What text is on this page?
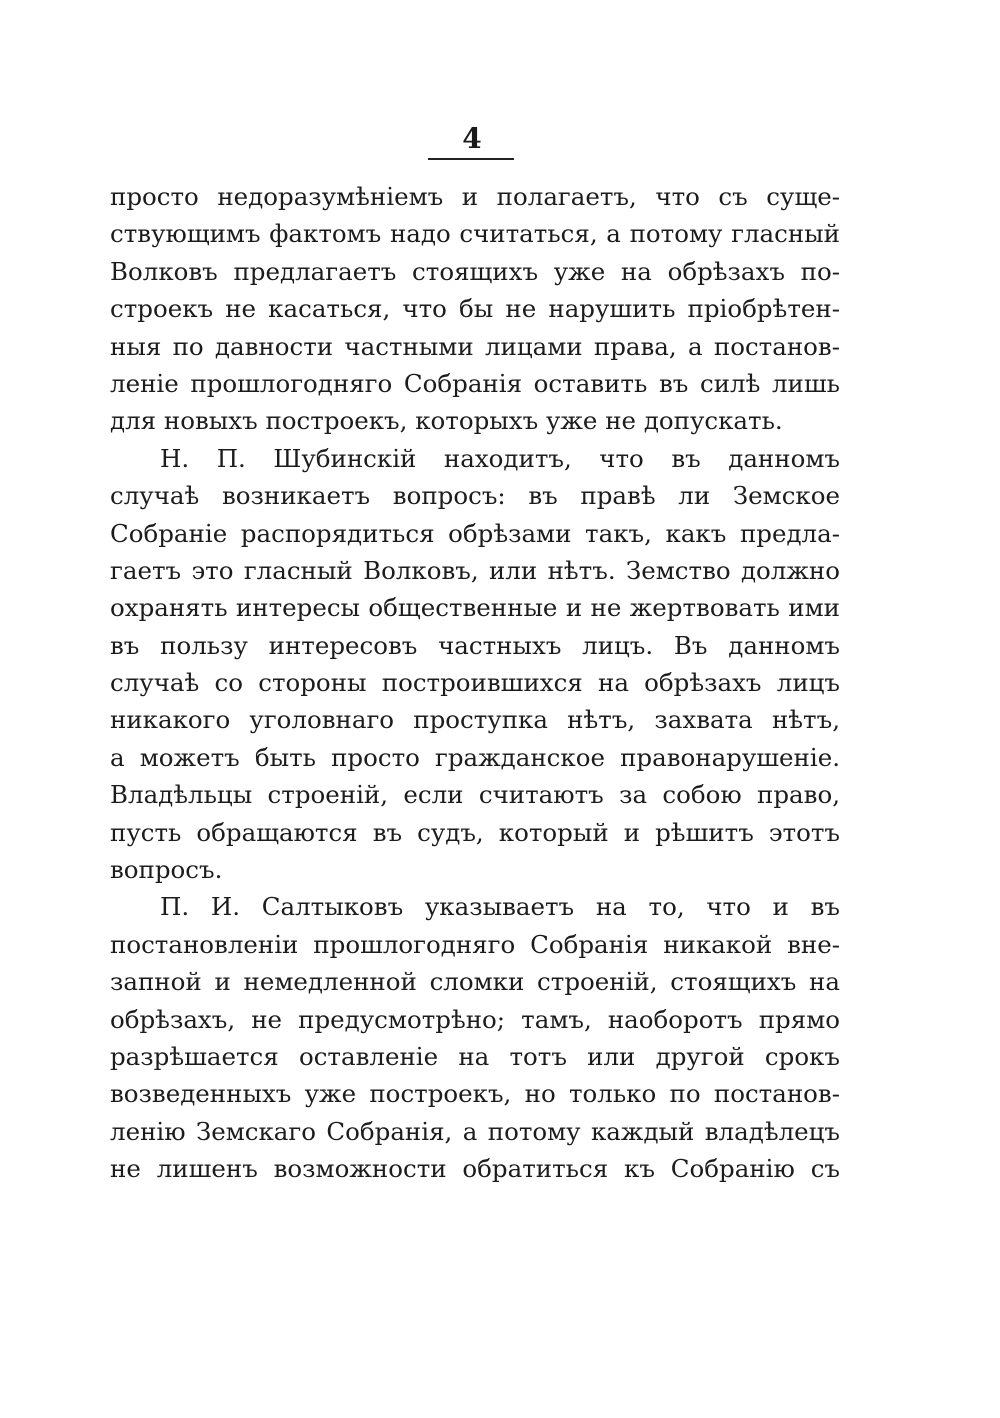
4
просто недоразумѣніемъ и полагаетъ, что съ суще-
ствующимъ фактомъ надо считаться, а потому гласный
Волковъ предлагаетъ стоящихъ уже на обрѣзахъ по-
строекъ не касаться, что бы не нарушить пріобрѣтен-
ныя по давности частными лицами права, а постанов-
леніе прошлогодняго Собранія оставить въ силѣ лишь
для новыхъ построекъ, которыхъ уже не допускать.
Н. П. Шубинскій находитъ, что въ данномъ
случаѣ возникаетъ вопросъ: въ правѣ ли Земское
Собраніе распорядиться обрѣзами такъ, какъ предла-
гаетъ это гласный Волковъ, или нѣтъ. Земство должно
охранять интересы общественные и не жертвовать ими
въ пользу интересовъ частныхъ лицъ. Въ данномъ
случаѣ со стороны построившихся на обрѣзахъ лицъ
никакого уголовнаго проступка нѣтъ, захвата нѣтъ,
а можетъ быть просто гражданское правонарушеніе.
Владѣльцы строеній, если считаютъ за собою право,
пусть обращаются въ судъ, который и рѣшитъ этотъ
вопросъ.
П. И. Салтыковъ указываетъ на то, что и въ
постановленіи прошлогодняго Собранія никакой вне-
запной и немедленной сломки строеній, стоящихъ на
обрѣзахъ, не предусмотрѣно; тамъ, наоборотъ прямо
разрѣшается оставленіе на тотъ или другой срокъ
возведенныхъ уже построекъ, но только по постанов-
ленію Земскаго Собранія, а потому каждый владѣлецъ
не лишенъ возможности обратиться къ Собранію съ
